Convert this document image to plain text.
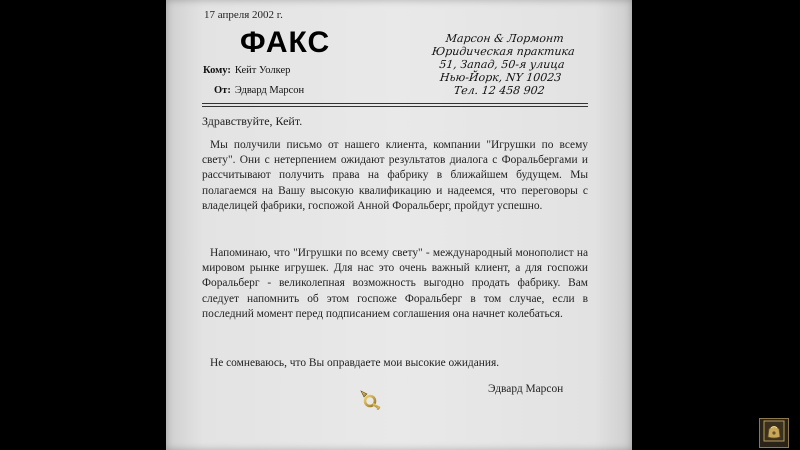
17 апреля 2002 г.
ФАКС
Кому: Кейт Уолкер
От: Эдвард Марсон
Марсон & Лормонт
Юридическая практика
51, Запад, 50-я улица
Нью-Йорк, NY 10023
Тел. 12 458 902
Здравствуйте, Кейт.
Мы получили письмо от нашего клиента, компании "Игрушки по всему свету". Они с нетерпением ожидают результатов диалога с Форальбергами и рассчитывают получить права на фабрику в ближайшем будущем. Мы полагаемся на Вашу высокую квалификацию и надеемся, что переговоры с владелицей фабрики, госпожой Анной Форальберг, пройдут успешно.
Напоминаю, что "Игрушки по всему свету" - международный монополист на мировом рынке игрушек. Для нас это очень важный клиент, а для госпожи Форальберг - великолепная возможность выгодно продать фабрику. Вам следует напомнить об этом госпоже Форальберг в том случае, если в последний момент перед подписанием соглашения она начнет колебаться.
Не сомневаюсь, что Вы оправдаете мои высокие ожидания.
Эдвард Марсон
